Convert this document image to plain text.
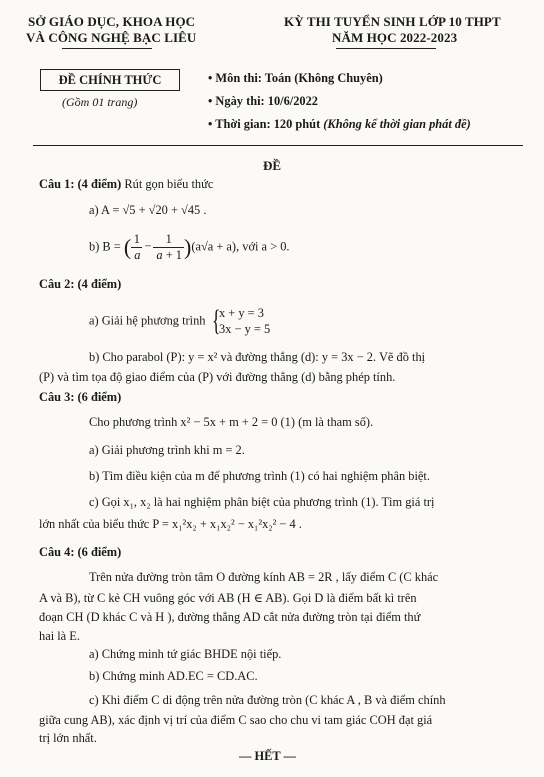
SỞ GIÁO DỤC, KHOA HỌC
VÀ CÔNG NGHỆ BẠC LIÊU
ĐỀ CHÍNH THỨC
(Gồm 01 trang)
KỲ THI TUYỂN SINH LỚP 10 THPT
NĂM HỌC 2022-2023
• Môn thi: Toán (Không Chuyên)
• Ngày thi: 10/6/2022
• Thời gian: 120 phút (Không kể thời gian phát đề)
ĐỀ
Câu 1: (4 điểm) Rút gọn biểu thức
a) A = √5 + √20 + √45 .
b) B = ( $\frac{1}{a} - \frac{1}{a + 1} )(a√a + a)$, với a > 0.
Câu 2: (4 điểm)
a) Giải hệ phương trình {
x + y = 3
3x − y = 5
b) Cho parabol (P): y = x² và đường thẳng (d): y = 3x − 2. Vẽ đồ thị
(P) và tìm tọa độ giao điểm của (P) với đường thẳng (d) bằng phép tính.
Câu 3: (6 điểm)
Cho phương trình x² − 5x + m + 2 = 0 (1) (m là tham số).
a) Giải phương trình khi m = 2.
b) Tìm điều kiện của m để phương trình (1) có hai nghiệm phân biệt.
c) Gọi x₁, x₂ là hai nghiệm phân biệt của phương trình (1). Tìm giá trị
lớn nhất của biểu thức P = x₁²x₂ + x₁x₂² − x₁²x₂² − 4 .
Câu 4: (6 điểm)
Trên nửa đường tròn tâm O đường kính AB = 2R , lấy điểm C (C khác
A và B), từ C kẻ CH vuông góc với AB (H ∈ AB). Gọi D là điểm bất kì trên
đoạn CH (D khác C và H ), đường thẳng AD cắt nửa đường tròn tại điểm thứ
hai là E.
a) Chứng minh tứ giác BHDE nội tiếp.
b) Chứng minh AD.EC = CD.AC.
c) Khi điểm C di động trên nửa đường tròn (C khác A , B và điểm chính
giữa cung AB), xác định vị trí của điểm C sao cho chu vi tam giác COH đạt giá
trị lớn nhất.
— HẾT —
